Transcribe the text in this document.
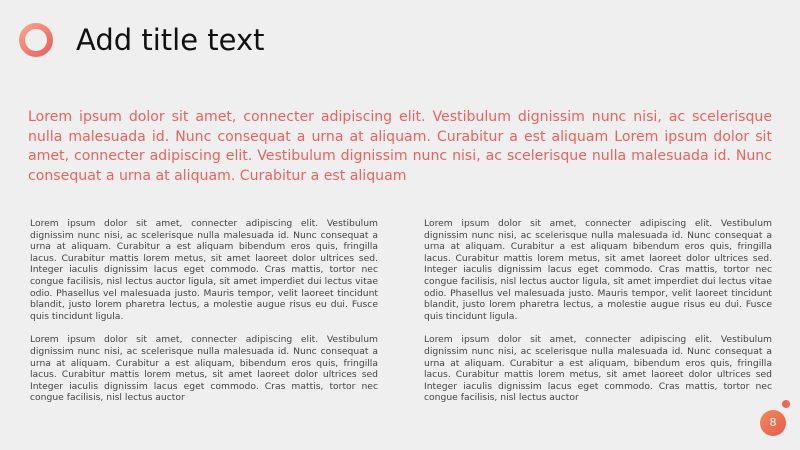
Add title text
Lorem ipsum dolor sit amet, connecter adipiscing elit. Vestibulum dignissim nunc nisi, ac scelerisque nulla malesuada id. Nunc consequat a urna at aliquam. Curabitur a est aliquam Lorem ipsum dolor sit amet, connecter adipiscing elit. Vestibulum dignissim nunc nisi, ac scelerisque nulla malesuada id. Nunc consequat a urna at aliquam. Curabitur a est aliquam

Lorem ipsum dolor sit amet, connecter adipiscing elit. Vestibulum dignissim nunc nisi, ac scelerisque nulla malesuada id. Nunc consequat a urna at aliquam. Curabitur a est aliquam bibendum eros quis, fringilla lacus. Curabitur mattis lorem metus, sit amet laoreet dolor ultrices sed. Integer iaculis dignissim lacus eget commodo. Cras mattis, tortor nec congue facilisis, nisl lectus auctor ligula, sit amet imperdiet dui lectus vitae odio. Phasellus vel malesuada justo. Mauris tempor, velit laoreet tincidunt blandit, justo lorem pharetra lectus, a molestie augue risus eu dui. Fusce quis tincidunt ligula.

Lorem ipsum dolor sit amet, connecter adipiscing elit. Vestibulum dignissim nunc nisi, ac scelerisque nulla malesuada id. Nunc consequat a urna at aliquam. Curabitur a est aliquam, bibendum eros quis, fringilla lacus. Curabitur mattis lorem metus, sit amet laoreet dolor ultrices sed Integer iaculis dignissim lacus eget commodo. Cras mattis, tortor nec congue facilisis, nisl lectus auctor

Lorem ipsum dolor sit amet, connecter adipiscing elit. Vestibulum dignissim nunc nisi, ac scelerisque nulla malesuada id. Nunc consequat a urna at aliquam. Curabitur a est aliquam bibendum eros quis, fringilla lacus. Curabitur mattis lorem metus, sit amet laoreet dolor ultrices sed. Integer iaculis dignissim lacus eget commodo. Cras mattis, tortor nec congue facilisis, nisl lectus auctor ligula, sit amet imperdiet dui lectus vitae odio. Phasellus vel malesuada justo. Mauris tempor, velit laoreet tincidunt blandit, justo lorem pharetra lectus, a molestie augue risus eu dui. Fusce quis tincidunt ligula.

Lorem ipsum dolor sit amet, connecter adipiscing elit. Vestibulum dignissim nunc nisi, ac scelerisque nulla malesuada id. Nunc consequat a urna at aliquam. Curabitur a est aliquam, bibendum eros quis, fringilla lacus. Curabitur mattis lorem metus, sit amet laoreet dolor ultrices sed Integer iaculis dignissim lacus eget commodo. Cras mattis, tortor nec congue facilisis, nisl lectus auctor

8
